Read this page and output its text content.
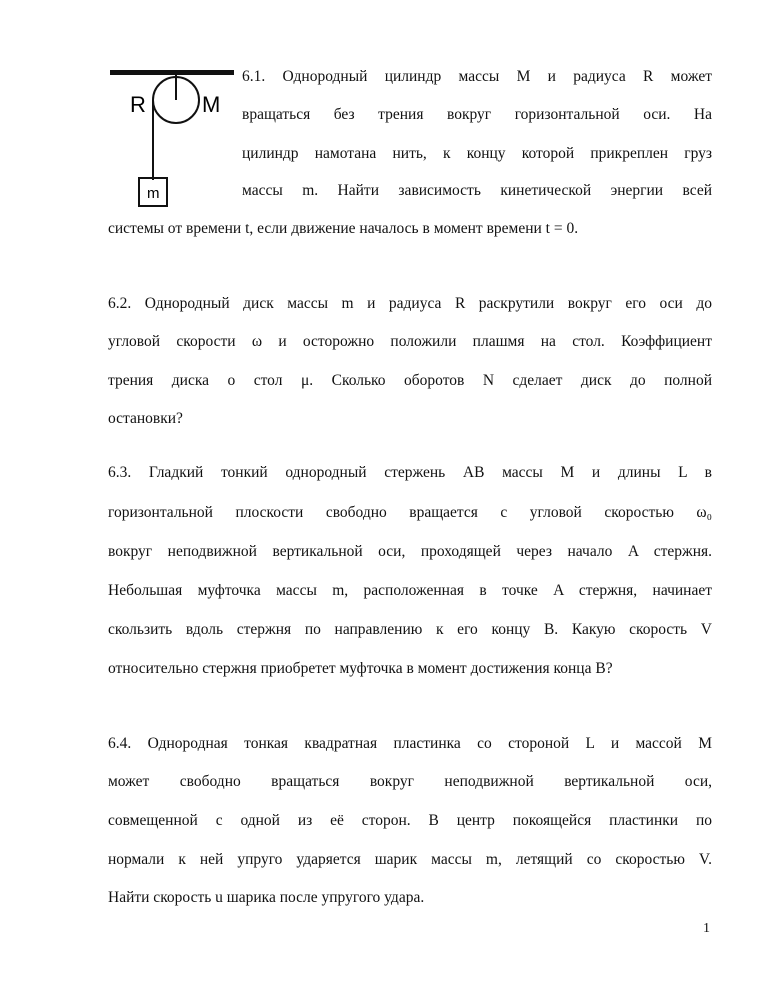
R	M
m
6.1. Однородный цилиндр массы M и радиуса R может
вращаться без трения вокруг горизонтальной оси. На
цилиндр намотана нить, к концу которой прикреплен груз
массы m. Найти зависимость кинетической энергии всей
системы от времени t, если движение началось в момент времени t = 0.
6.2. Однородный диск массы m и радиуса R раскрутили вокруг его оси до
угловой скорости ω и осторожно положили плашмя на стол. Коэффициент
трения диска о стол μ. Сколько оборотов N сделает диск до полной
остановки?
6.3. Гладкий тонкий однородный стержень AB массы M и длины L в
горизонтальной плоскости свободно вращается с угловой скоростью ω₀
вокруг неподвижной вертикальной оси, проходящей через начало A стержня.
Небольшая муфточка массы m, расположенная в точке A стержня, начинает
скользить вдоль стержня по направлению к его концу B. Какую скорость V
относительно стержня приобретет муфточка в момент достижения конца B?
6.4. Однородная тонкая квадратная пластинка со стороной L и массой M
может свободно вращаться вокруг неподвижной вертикальной оси,
совмещенной с одной из её сторон. В центр покоящейся пластинки по
нормали к ней упруго ударяется шарик массы m, летящий со скоростью V.
Найти скорость u шарика после упругого удара.
1
